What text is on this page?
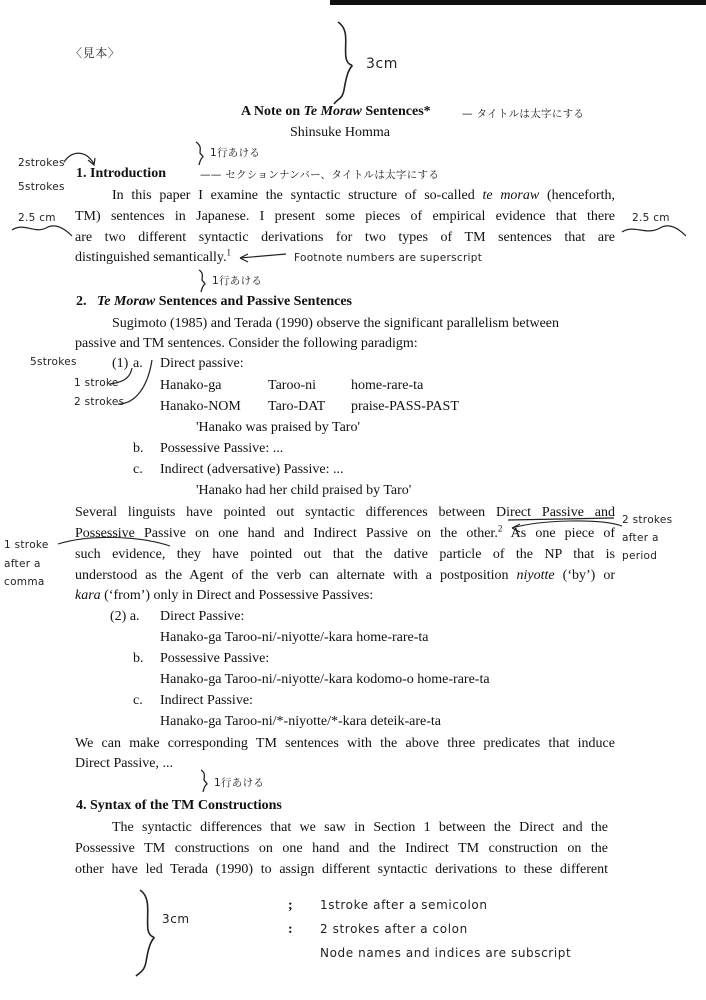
〈見本〉
3cm
A Note on Te Moraw Sentences*	— タイトルは太字にする
Shinsuke Homma
1行あける
2strokes
1. Introduction	—— セクションナンバー、タイトルは太字にする
5strokes
2.5 cm	2.5 cm
In this paper I examine the syntactic structure of so-called te moraw (henceforth,
TM) sentences in Japanese. I present some pieces of empirical evidence that there
are two different syntactic derivations for two types of TM sentences that are
distinguished semantically.$^1$	Footnote numbers are superscript
1行あける
2. Te Moraw Sentences and Passive Sentences
Sugimoto (1985) and Terada (1990) observe the significant parallelism between
passive and TM sentences. Consider the following paradigm:
5strokes	(1) a. Direct passive:
1 stroke
2 strokes
Hanako-ga	Taroo-ni home-rare-ta
Hanako-NOM Taro-DAT praise-PASS-PAST
'Hanako was praised by Taro'
b. Possessive Passive: ...
c. Indirect (adversative) Passive: ...
'Hanako had her child praised by Taro'
Several linguists have pointed out syntactic differences between Direct Passive and
Possessive Passive on one hand and Indirect Passive on the other.$^2$ As one piece of
such evidence, they have pointed out that the dative particle of the NP that is
understood as the Agent of the verb can alternate with a postposition niyotte (‘by’) or
kara (‘from’) only in Direct and Possessive Passives:
1 stroke
after a
comma
2 strokes
after a
period
(2) a. Direct Passive:
Hanako-ga Taroo-ni/-niyotte/-kara home-rare-ta
b. Possessive Passive:
Hanako-ga Taroo-ni/-niyotte/-kara kodomo-o home-rare-ta
c. Indirect Passive:
Hanako-ga Taroo-ni/*-niyotte/*-kara deteik-are-ta
We can make corresponding TM sentences with the above three predicates that induce
Direct Passive, ...
1行あける
4. Syntax of the TM Constructions
The syntactic differences that we saw in Section 1 between the Direct and the
Possessive TM constructions on one hand and the Indirect TM construction on the
other have led Terada (1990) to assign different syntactic derivations to these different
3cm
; 1stroke after a semicolon
: 2 strokes after a colon
Node names and indices are subscript
